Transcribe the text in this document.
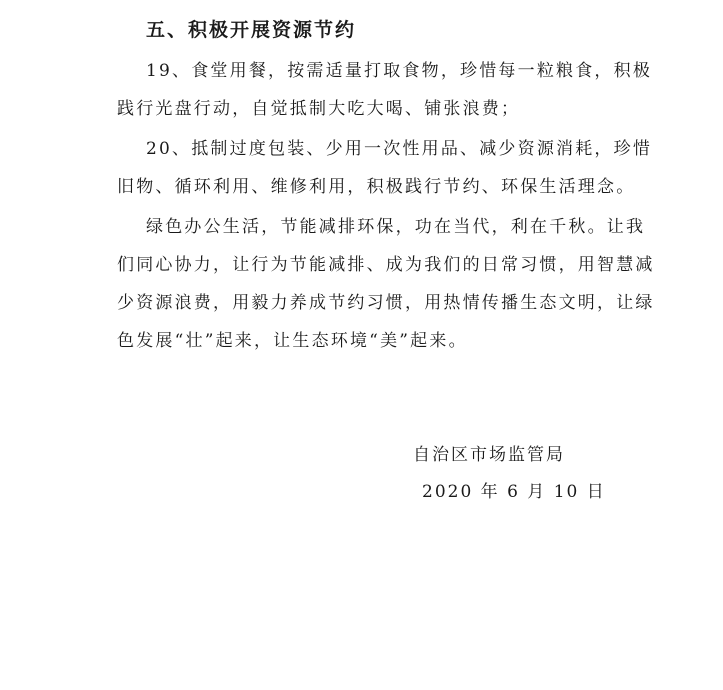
五、积极开展资源节约
19、食堂用餐，按需适量打取食物，珍惜每一粒粮食，积极
践行光盘行动，自觉抵制大吃大喝、铺张浪费；
20、抵制过度包装、少用一次性用品、减少资源消耗，珍惜
旧物、循环利用、维修利用，积极践行节约、环保生活理念。
绿色办公生活，节能减排环保，功在当代，利在千秋。让我
们同心协力，让行为节能减排、成为我们的日常习惯，用智慧减
少资源浪费，用毅力养成节约习惯，用热情传播生态文明，让绿
色发展“壮”起来，让生态环境“美”起来。
自治区市场监管局
2020 年 6 月 10 日
